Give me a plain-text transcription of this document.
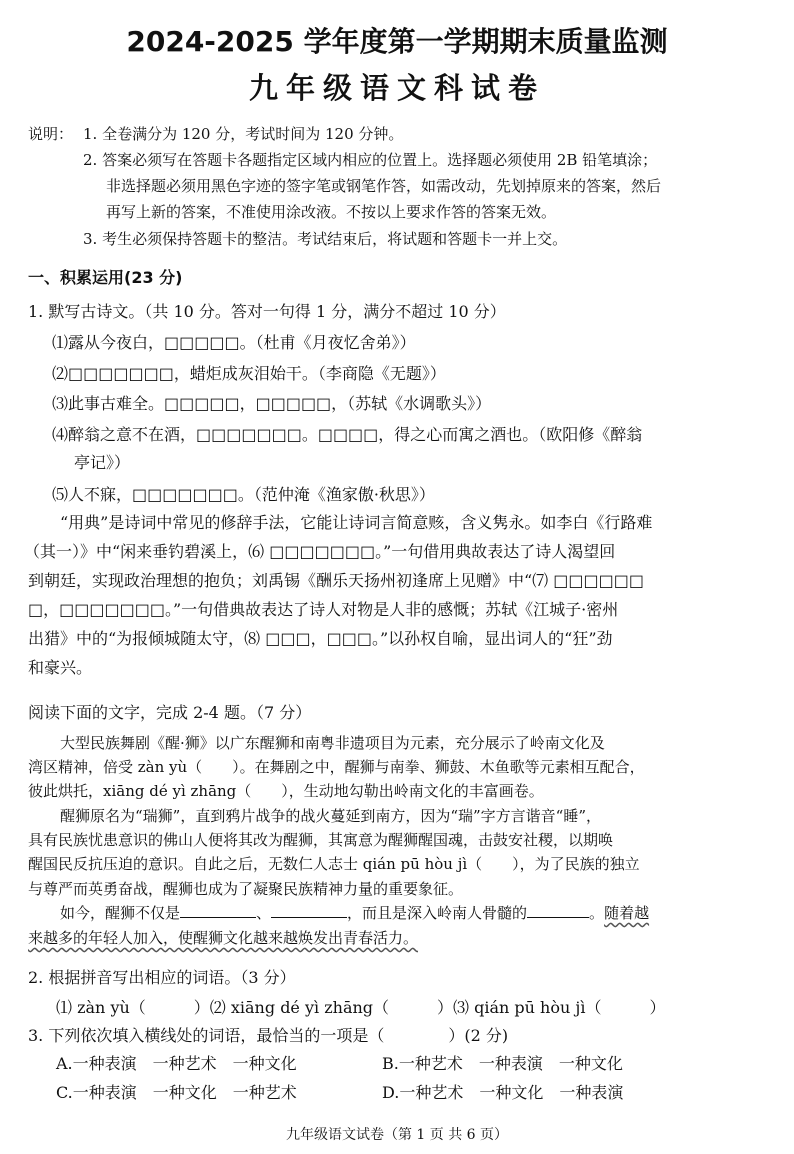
2024-2025 学年度第一学期期末质量监测
九年级语文科试卷
说明： 1. 全卷满分为 120 分，考试时间为 120 分钟。
2. 答案必须写在答题卡各题指定区域内相应的位置上。选择题必须使用 2B 铅笔填涂；
非选择题必须用黑色字迹的签字笔或钢笔作答，如需改动，先划掉原来的答案，然后
再写上新的答案，不准使用涂改液。不按以上要求作答的答案无效。
3. 考生必须保持答题卡的整洁。考试结束后，将试题和答题卡一并上交。
一、积累运用(23 分)
1. 默写古诗文。（共 10 分。答对一句得 1 分，满分不超过 10 分）
⑴露从今夜白，□□□□□。（杜甫《月夜忆舍弟》）
⑵□□□□□□□，蜡炬成灰泪始干。（李商隐《无题》）
⑶此事古难全。□□□□□，□□□□□，（苏轼《水调歌头》）
⑷醉翁之意不在酒，□□□□□□□。□□□□，得之心而寓之酒也。（欧阳修《醉翁
亭记》）
⑸人不寐，□□□□□□□。（范仲淹《渔家傲·秋思》）
“用典”是诗词中常见的修辞手法，它能让诗词言简意赅，含义隽永。如李白《行路难
（其一）》中“闲来垂钓碧溪上，⑹ □□□□□□□。”一句借用典故表达了诗人渴望回
到朝廷，实现政治理想的抱负；刘禹锡《酬乐天扬州初逢席上见赠》中“⑺ □□□□□□
□，□□□□□□□。”一句借典故表达了诗人对物是人非的感慨；苏轼《江城子·密州
出猎》中的“为报倾城随太守，⑻ □□□，□□□。”以孙权自喻，显出词人的“狂”劲
和豪兴。
阅读下面的文字，完成 2-4 题。（7 分）
大型民族舞剧《醒·狮》以广东醒狮和南粤非遗项目为元素，充分展示了岭南文化及
湾区精神，倍受 zàn yù（　　）。在舞剧之中，醒狮与南拳、狮鼓、木鱼歌等元素相互配合，
彼此烘托，xiāng dé yì zhāng（　　），生动地勾勒出岭南文化的丰富画卷。
醒狮原名为“瑞狮”，直到鸦片战争的战火蔓延到南方，因为“瑞”字方言谐音“睡”，
具有民族忧患意识的佛山人便将其改为醒狮，其寓意为醒狮醒国魂，击鼓安社稷，以期唤
醒国民反抗压迫的意识。自此之后，无数仁人志士 qián pū hòu jì（　　），为了民族的独立
与尊严而英勇奋战，醒狮也成为了凝聚民族精神力量的重要象征。
如今，醒狮不仅是	、	，而且是深入岭南人骨髓的	。随着越
来越多的年轻人加入，使醒狮文化越来越焕发出青春活力。
2. 根据拼音写出相应的词语。（3 分）
⑴ zàn yù（　　　）⑵ xiāng dé yì zhāng（　　　）⑶ qián pū hòu jì（　　　）
3. 下列依次填入横线处的词语，最恰当的一项是（　　　　）(2 分)
A.一种表演　一种艺术　一种文化	B.一种艺术　一种表演　一种文化
C.一种表演　一种文化　一种艺术	D.一种艺术　一种文化　一种表演
九年级语文试卷（第 1 页 共 6 页）
